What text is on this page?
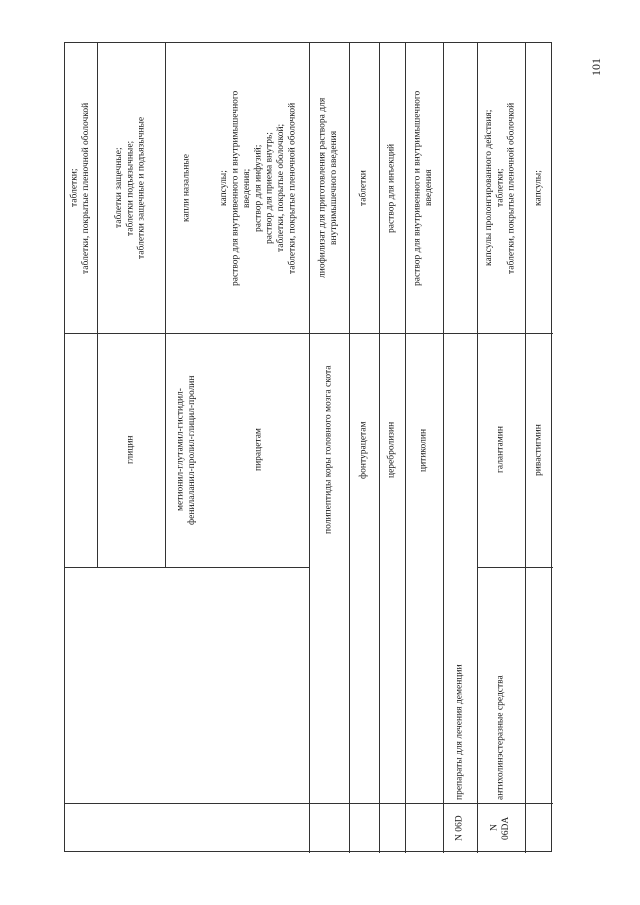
101
таблетки;
таблетки, покрытые пленочной оболочкой
глицин
таблетки защечные;
таблетки подъязычные;
таблетки защечные и подъязычные
метионил-глутамил-гистидил-
фенилаланил-пролил-глицил-пролин
капли назальные
пирацетам
капсулы;
раствор для внутривенного и внутримышечного
введения;
раствор для инфузий;
раствор для приема внутрь;
таблетки, покрытые оболочкой;
таблетки, покрытые пленочной оболочкой
полипептиды коры головного мозга скота
лиофилизат для приготовления раствора для
внутримышечного введения
фонтурацетам
таблетки
церебролизин
раствор для инъекций
цитиколин
раствор для внутривенного и внутримышечного
введения
N 06D
препараты для лечения деменции
N
06DA
антихолинэстеразные средства
галантамин
капсулы пролонгированного действия;
таблетки;
таблетки, покрытые пленочной оболочкой
ривастигмин
капсулы;
